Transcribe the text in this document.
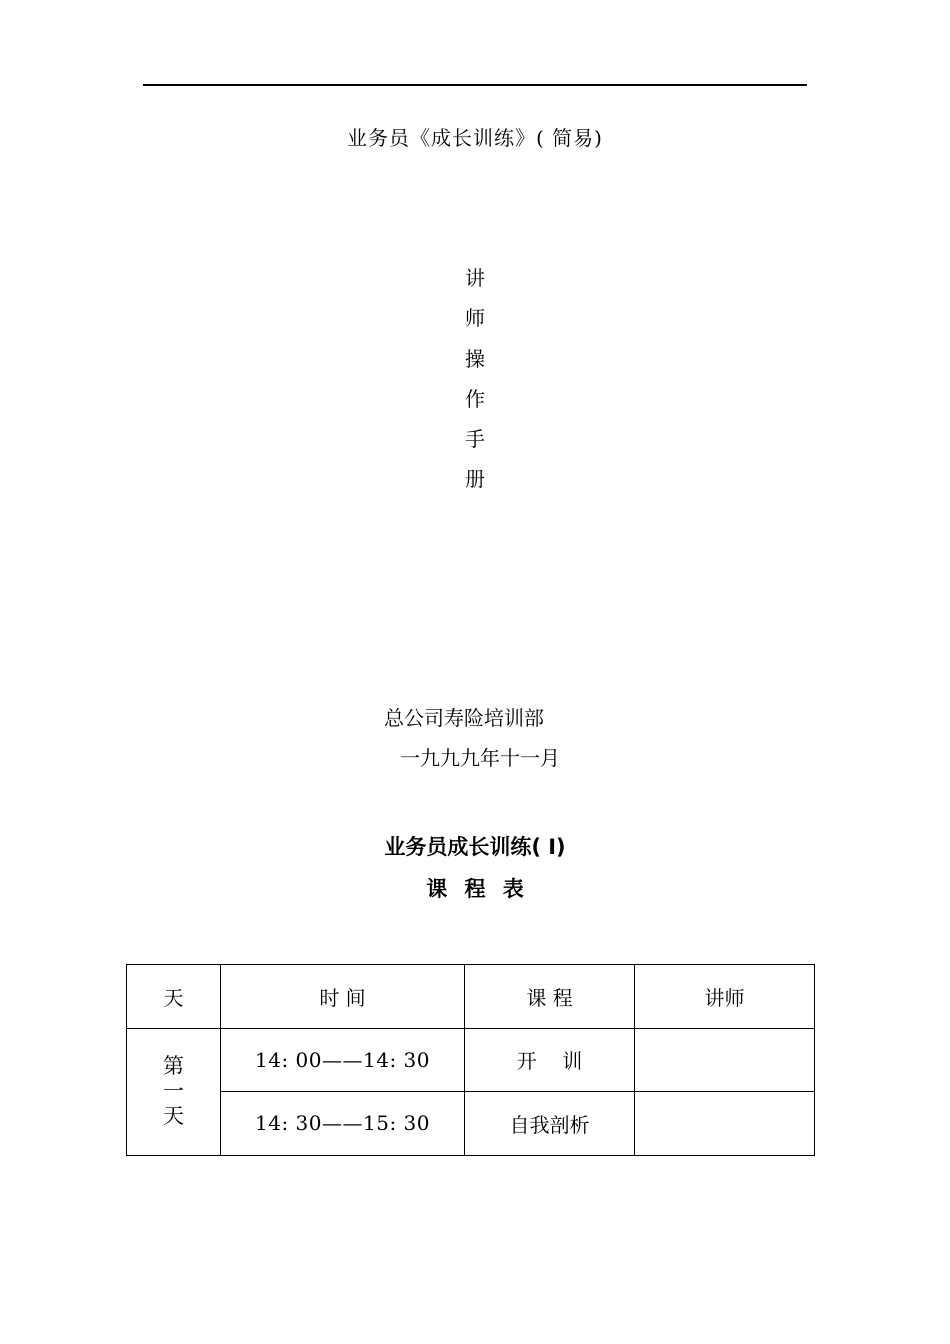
业务员《成长训练》( 简易)
讲
师
操
作
手
册
总公司寿险培训部
一九九九年十一月
业务员成长训练( Ⅰ)
课 程 表
天	时 间	课 程	讲师

第
一
天	14: 00——14: 30	开    训	
	14: 30——15: 30	自我剖析	
